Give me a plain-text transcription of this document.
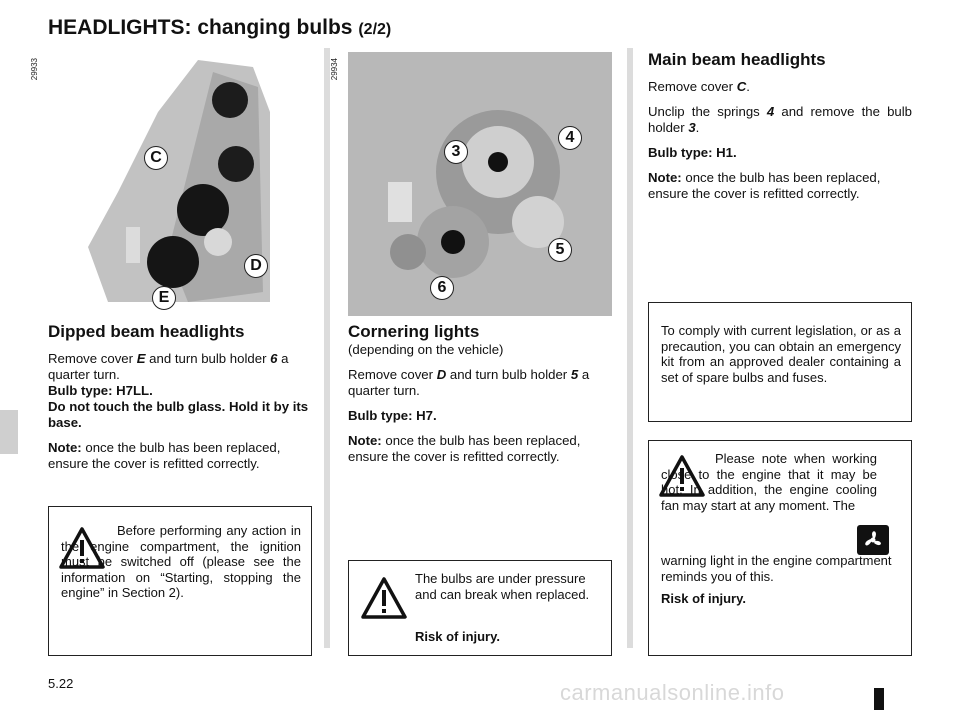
HEADLIGHTS: changing bulbs (2/2)
29933
C
D
E
29934
3
4
5
6
Dipped beam headlights

Remove cover E and turn bulb holder 6 a quarter turn.

Bulb type: H7LL.

Do not touch the bulb glass. Hold it by its base.

Note: once the bulb has been replaced, ensure the cover is refitted correctly.

Cornering lights

(depending on the vehicle)

Remove cover D and turn bulb holder 5 a quarter turn.

Bulb type: H7.

Note: once the bulb has been replaced, ensure the cover is refitted correctly.

Main beam headlights

Remove cover C.

Unclip the springs 4 and remove the bulb holder 3.

Bulb type: H1.

Note: once the bulb has been replaced, ensure the cover is refitted correctly.

Before performing any action in the engine compartment, the ignition must be switched off (please see the information on “Starting, stopping the engine” in Section 2).

The bulbs are under pressure and can break when replaced.

Risk of injury.

To comply with current legislation, or as a precaution, you can obtain an emergency kit from an approved dealer containing a set of spare bulbs and fuses.

Please note when working close to the engine that it may be hot. In addition, the engine cooling fan may start at any moment. The

warning light in the engine compartment reminds you of this.

Risk of injury.

5.22	carmanualsonline.info
